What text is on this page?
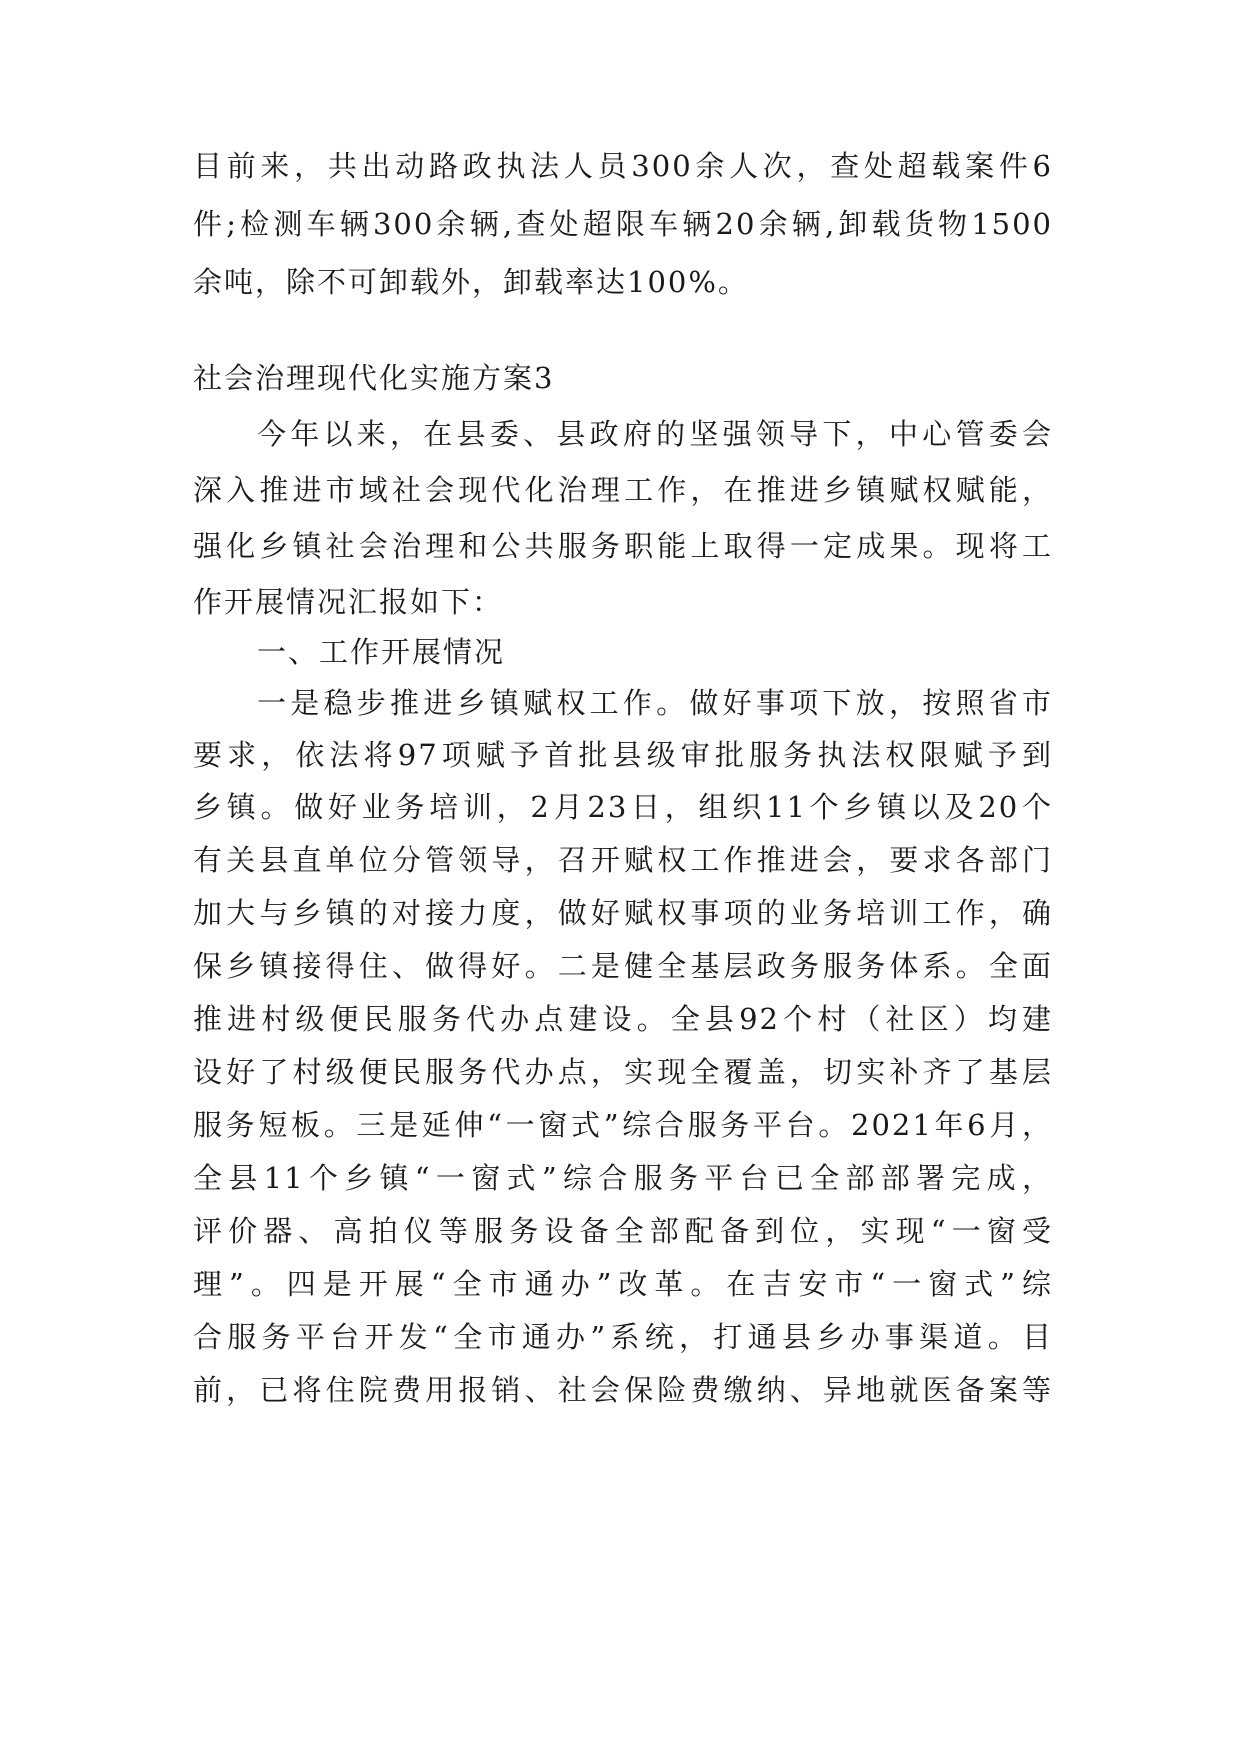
目前来，共出动路政执法人员300余人次，查处超载案件6
件;检测车辆300余辆,查处超限车辆20余辆,卸载货物1500
余吨，除不可卸载外，卸载率达100%。
社会治理现代化实施方案3
今年以来，在县委、县政府的坚强领导下，中心管委会
深入推进市域社会现代化治理工作，在推进乡镇赋权赋能，
强化乡镇社会治理和公共服务职能上取得一定成果。现将工
作开展情况汇报如下：
一、工作开展情况
一是稳步推进乡镇赋权工作。做好事项下放，按照省市
要求，依法将97项赋予首批县级审批服务执法权限赋予到
乡镇。做好业务培训，2月23日，组织11个乡镇以及20个
有关县直单位分管领导，召开赋权工作推进会，要求各部门
加大与乡镇的对接力度，做好赋权事项的业务培训工作，确
保乡镇接得住、做得好。二是健全基层政务服务体系。全面
推进村级便民服务代办点建设。全县92个村（社区）均建
设好了村级便民服务代办点，实现全覆盖，切实补齐了基层
服务短板。三是延伸“一窗式”综合服务平台。2021年6月，
全县11个乡镇“一窗式”综合服务平台已全部部署完成，
评价器、高拍仪等服务设备全部配备到位，实现“一窗受
理”。四是开展“全市通办”改革。在吉安市“一窗式”综
合服务平台开发“全市通办”系统，打通县乡办事渠道。目
前，已将住院费用报销、社会保险费缴纳、异地就医备案等
